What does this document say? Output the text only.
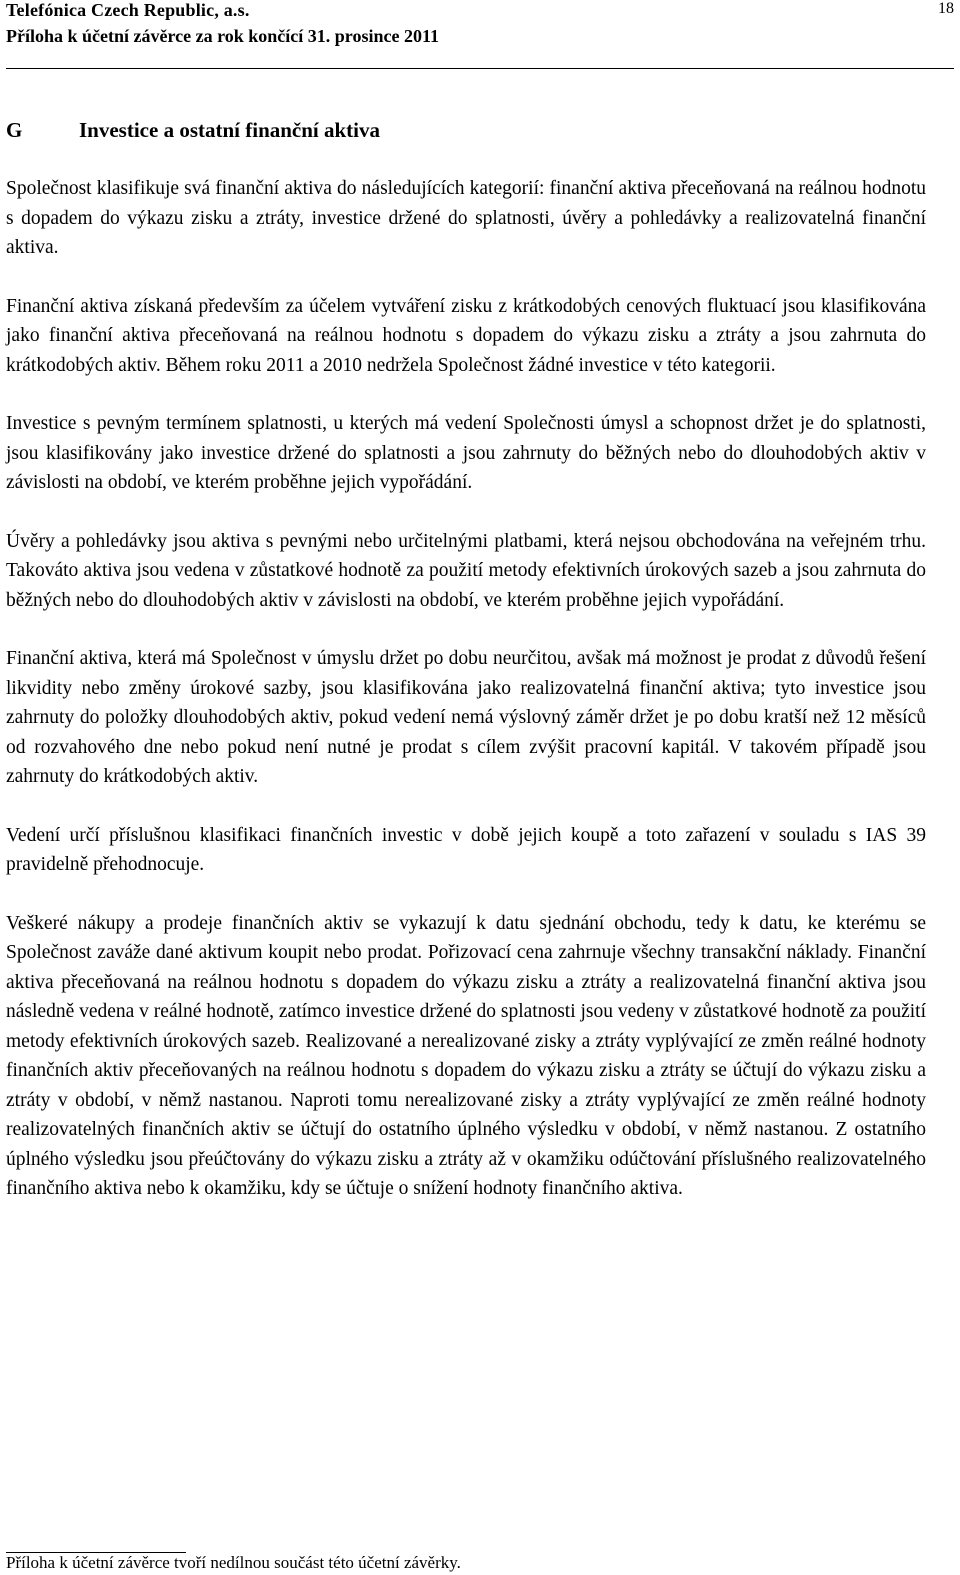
Telefónica Czech Republic, a.s.
Příloha k účetní závěrce za rok končící 31. prosince 2011
18
G	Investice a ostatní finanční aktiva

Společnost klasifikuje svá finanční aktiva do následujících kategorií: finanční aktiva přeceňovaná na reálnou hodnotu s dopadem do výkazu zisku a ztráty, investice držené do splatnosti, úvěry a pohledávky a realizovatelná finanční aktiva.

Finanční aktiva získaná především za účelem vytváření zisku z krátkodobých cenových fluktuací jsou klasifikována jako finanční aktiva přeceňovaná na reálnou hodnotu s dopadem do výkazu zisku a ztráty a jsou zahrnuta do krátkodobých aktiv. Během roku 2011 a 2010 nedržela Společnost žádné investice v této kategorii.

Investice s pevným termínem splatnosti, u kterých má vedení Společnosti úmysl a schopnost držet je do splatnosti, jsou klasifikovány jako investice držené do splatnosti a jsou zahrnuty do běžných nebo do dlouhodobých aktiv v závislosti na období, ve kterém proběhne jejich vypořádání.

Úvěry a pohledávky jsou aktiva s pevnými nebo určitelnými platbami, která nejsou obchodována na veřejném trhu. Takováto aktiva jsou vedena v zůstatkové hodnotě za použití metody efektivních úrokových sazeb a jsou zahrnuta do běžných nebo do dlouhodobých aktiv v závislosti na období, ve kterém proběhne jejich vypořádání.

Finanční aktiva, která má Společnost v úmyslu držet po dobu neurčitou, avšak má možnost je prodat z důvodů řešení likvidity nebo změny úrokové sazby, jsou klasifikována jako realizovatelná finanční aktiva; tyto investice jsou zahrnuty do položky dlouhodobých aktiv, pokud vedení nemá výslovný záměr držet je po dobu kratší než 12 měsíců od rozvahového dne nebo pokud není nutné je prodat s cílem zvýšit pracovní kapitál. V takovém případě jsou zahrnuty do krátkodobých aktiv.

Vedení určí příslušnou klasifikaci finančních investic v době jejich koupě a toto zařazení v souladu s IAS 39 pravidelně přehodnocuje.

Veškeré nákupy a prodeje finančních aktiv se vykazují k datu sjednání obchodu, tedy k datu, ke kterému se Společnost zaváže dané aktivum koupit nebo prodat. Pořizovací cena zahrnuje všechny transakční náklady. Finanční aktiva přeceňovaná na reálnou hodnotu s dopadem do výkazu zisku a ztráty a realizovatelná finanční aktiva jsou následně vedena v reálné hodnotě, zatímco investice držené do splatnosti jsou vedeny v zůstatkové hodnotě za použití metody efektivních úrokových sazeb. Realizované a nerealizované zisky a ztráty vyplývající ze změn reálné hodnoty finančních aktiv přeceňovaných na reálnou hodnotu s dopadem do výkazu zisku a ztráty se účtují do výkazu zisku a ztráty v období, v němž nastanou. Naproti tomu nerealizované zisky a ztráty vyplývající ze změn reálné hodnoty realizovatelných finančních aktiv se účtují do ostatního úplného výsledku v období, v němž nastanou. Z ostatního úplného výsledku jsou přeúčtovány do výkazu zisku a ztráty až v okamžiku odúčtování příslušného realizovatelného finančního aktiva nebo k okamžiku, kdy se účtuje o snížení hodnoty finančního aktiva.

Příloha k účetní závěrce tvoří nedílnou součást této účetní závěrky.
